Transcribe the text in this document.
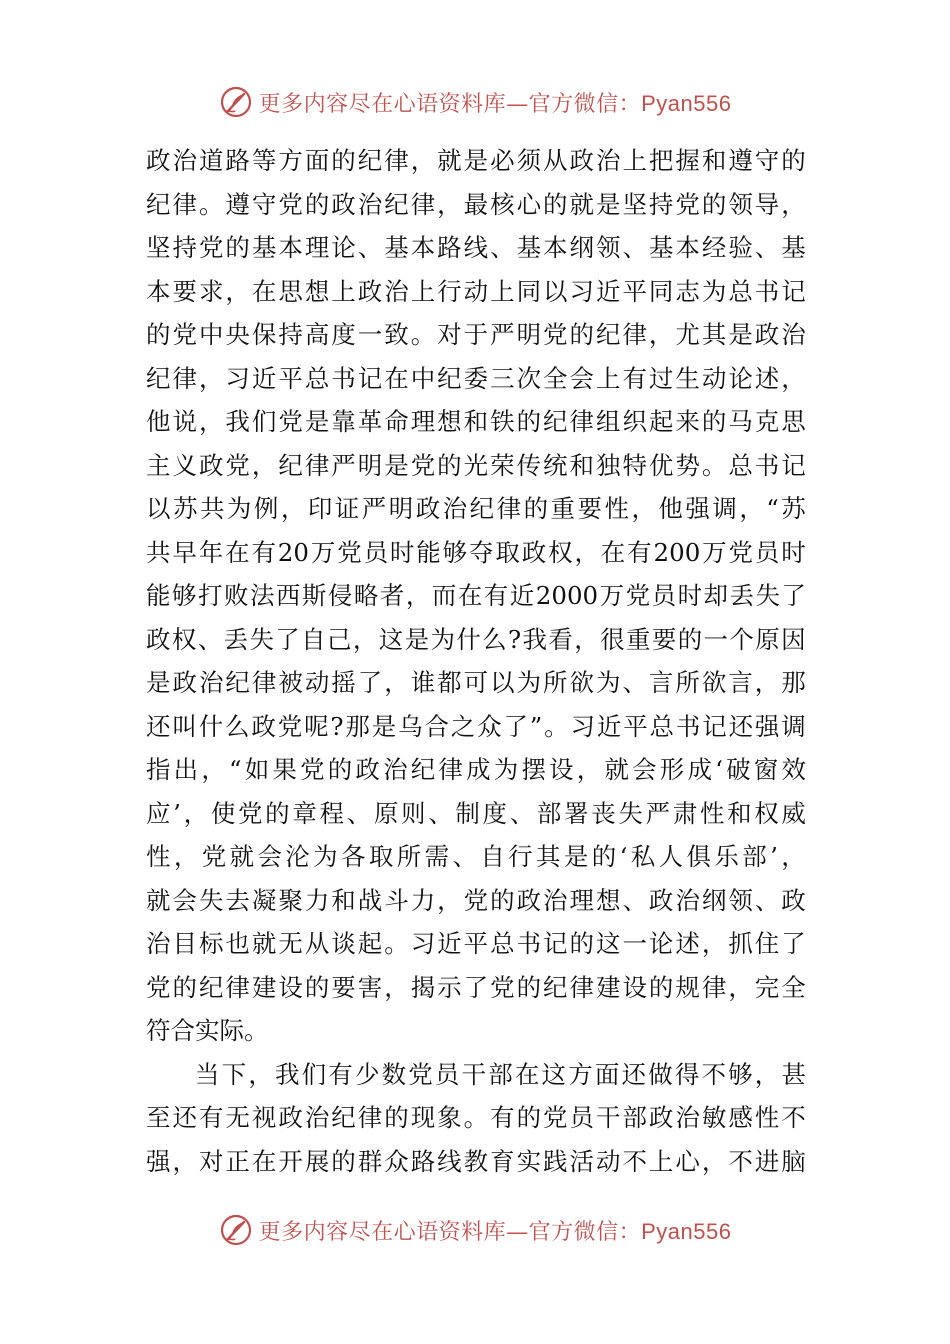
更多内容尽在心语资料库—官方微信：Pyan556
政 治 道 路 等 方 面 的 纪 律 ， 就 是 必 须 从 政 治 上 把 握 和 遵 守 的
纪 律 。 遵 守 党 的 政 治 纪 律 ， 最 核 心 的 就 是 坚 持 党 的 领 导 ，
坚 持 党 的 基 本 理 论 、 基 本 路 线 、 基 本 纲 领 、 基 本 经 验 、 基
本 要 求 ， 在 思 想 上 政 治 上 行 动 上 同 以 习 近 平 同 志 为 总 书 记
的 党 中 央 保 持 高 度 一 致 。 对 于 严 明 党 的 纪 律 ， 尤 其 是 政 治
纪 律 ， 习 近 平 总 书 记 在 中 纪 委 三 次 全 会 上 有 过 生 动 论 述 ，
他 说 ， 我 们 党 是 靠 革 命 理 想 和 铁 的 纪 律 组 织 起 来 的 马 克 思
主 义 政 党 ， 纪 律 严 明 是 党 的 光 荣 传 统 和 独 特 优 势 。 总 书 记
以 苏 共 为 例 ， 印 证 严 明 政 治 纪 律 的 重 要 性 ， 他 强 调 ， “ 苏
共 早 年 在 有 20 万 党 员 时 能 够 夺 取 政 权 ， 在 有 200 万 党 员 时
能 够 打 败 法 西 斯 侵 略 者 ， 而 在 有 近 2000 万 党 员 时 却 丢 失 了
政 权 、 丢 失 了 自 己 ， 这 是 为 什 么 ? 我 看 ， 很 重 要 的 一 个 原 因
是 政 治 纪 律 被 动 摇 了 ， 谁 都 可 以 为 所 欲 为 、 言 所 欲 言 ， 那
还 叫 什 么 政 党 呢 ? 那 是 乌 合 之 众 了 ” 。 习 近 平 总 书 记 还 强 调
指 出 ， “ 如 果 党 的 政 治 纪 律 成 为 摆 设 ， 就 会 形 成 ‘ 破 窗 效
应 ’ ， 使 党 的 章 程 、 原 则 、 制 度 、 部 署 丧 失 严 肃 性 和 权 威
性 ， 党 就 会 沦 为 各 取 所 需 、 自 行 其 是 的 ‘ 私 人 俱 乐 部 ’ ，
就 会 失 去 凝 聚 力 和 战 斗 力 ， 党 的 政 治 理 想 、 政 治 纲 领 、 政
治 目 标 也 就 无 从 谈 起 。 习 近 平 总 书 记 的 这 一 论 述 ， 抓 住 了
党 的 纪 律 建 设 的 要 害 ， 揭 示 了 党 的 纪 律 建 设 的 规 律 ， 完 全
符合实际。
当 下 ， 我 们 有 少 数 党 员 干 部 在 这 方 面 还 做 得 不 够 ， 甚
至 还 有 无 视 政 治 纪 律 的 现 象 。 有 的 党 员 干 部 政 治 敏 感 性 不
强 ， 对 正 在 开 展 的 群 众 路 线 教 育 实 践 活 动 不 上 心 ， 不 进 脑
更多内容尽在心语资料库—官方微信：Pyan556
